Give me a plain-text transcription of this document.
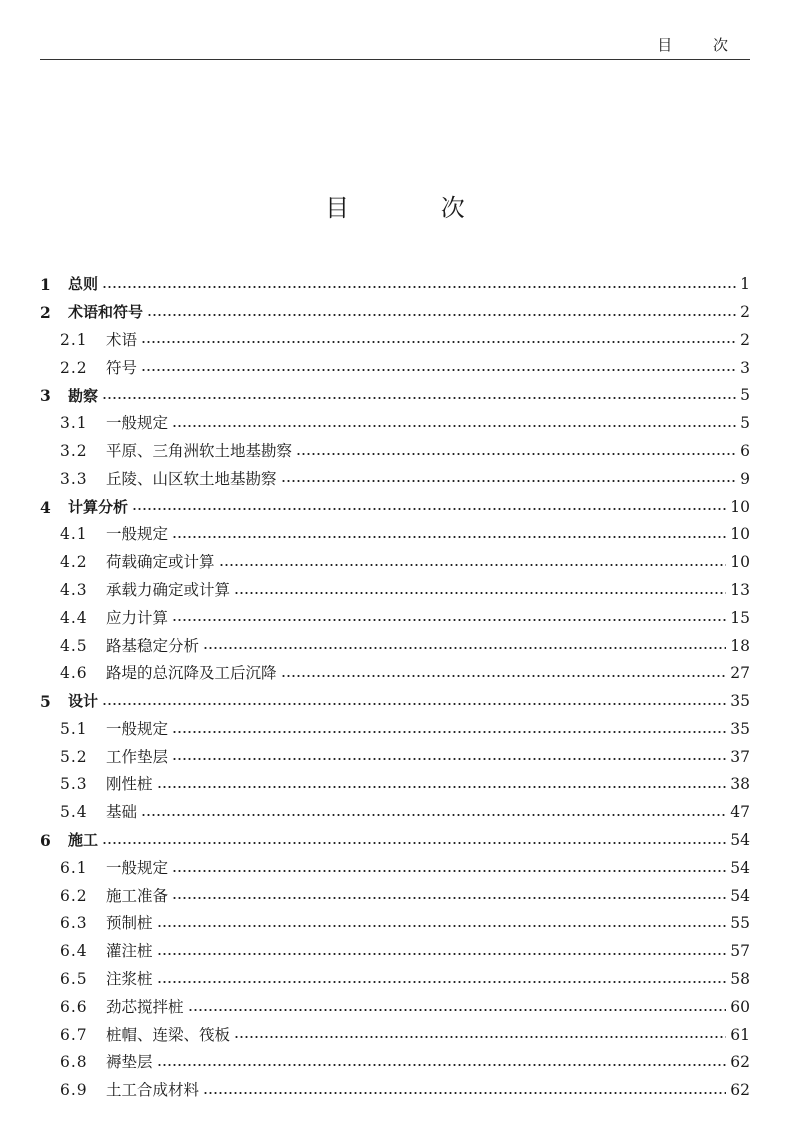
目 次
目 次
1	总则	1
2	术语和符号	2
2.1	术语	2
2.2	符号	3
3	勘察	5
3.1	一般规定	5
3.2	平原、三角洲软土地基勘察	6
3.3	丘陵、山区软土地基勘察	9
4	计算分析	10
4.1	一般规定	10
4.2	荷载确定或计算	10
4.3	承载力确定或计算	13
4.4	应力计算	15
4.5	路基稳定分析	18
4.6	路堤的总沉降及工后沉降	27
5	设计	35
5.1	一般规定	35
5.2	工作垫层	37
5.3	刚性桩	38
5.4	基础	47
6	施工	54
6.1	一般规定	54
6.2	施工准备	54
6.3	预制桩	55
6.4	灌注桩	57
6.5	注浆桩	58
6.6	劲芯搅拌桩	60
6.7	桩帽、连梁、筏板	61
6.8	褥垫层	62
6.9	土工合成材料	62
